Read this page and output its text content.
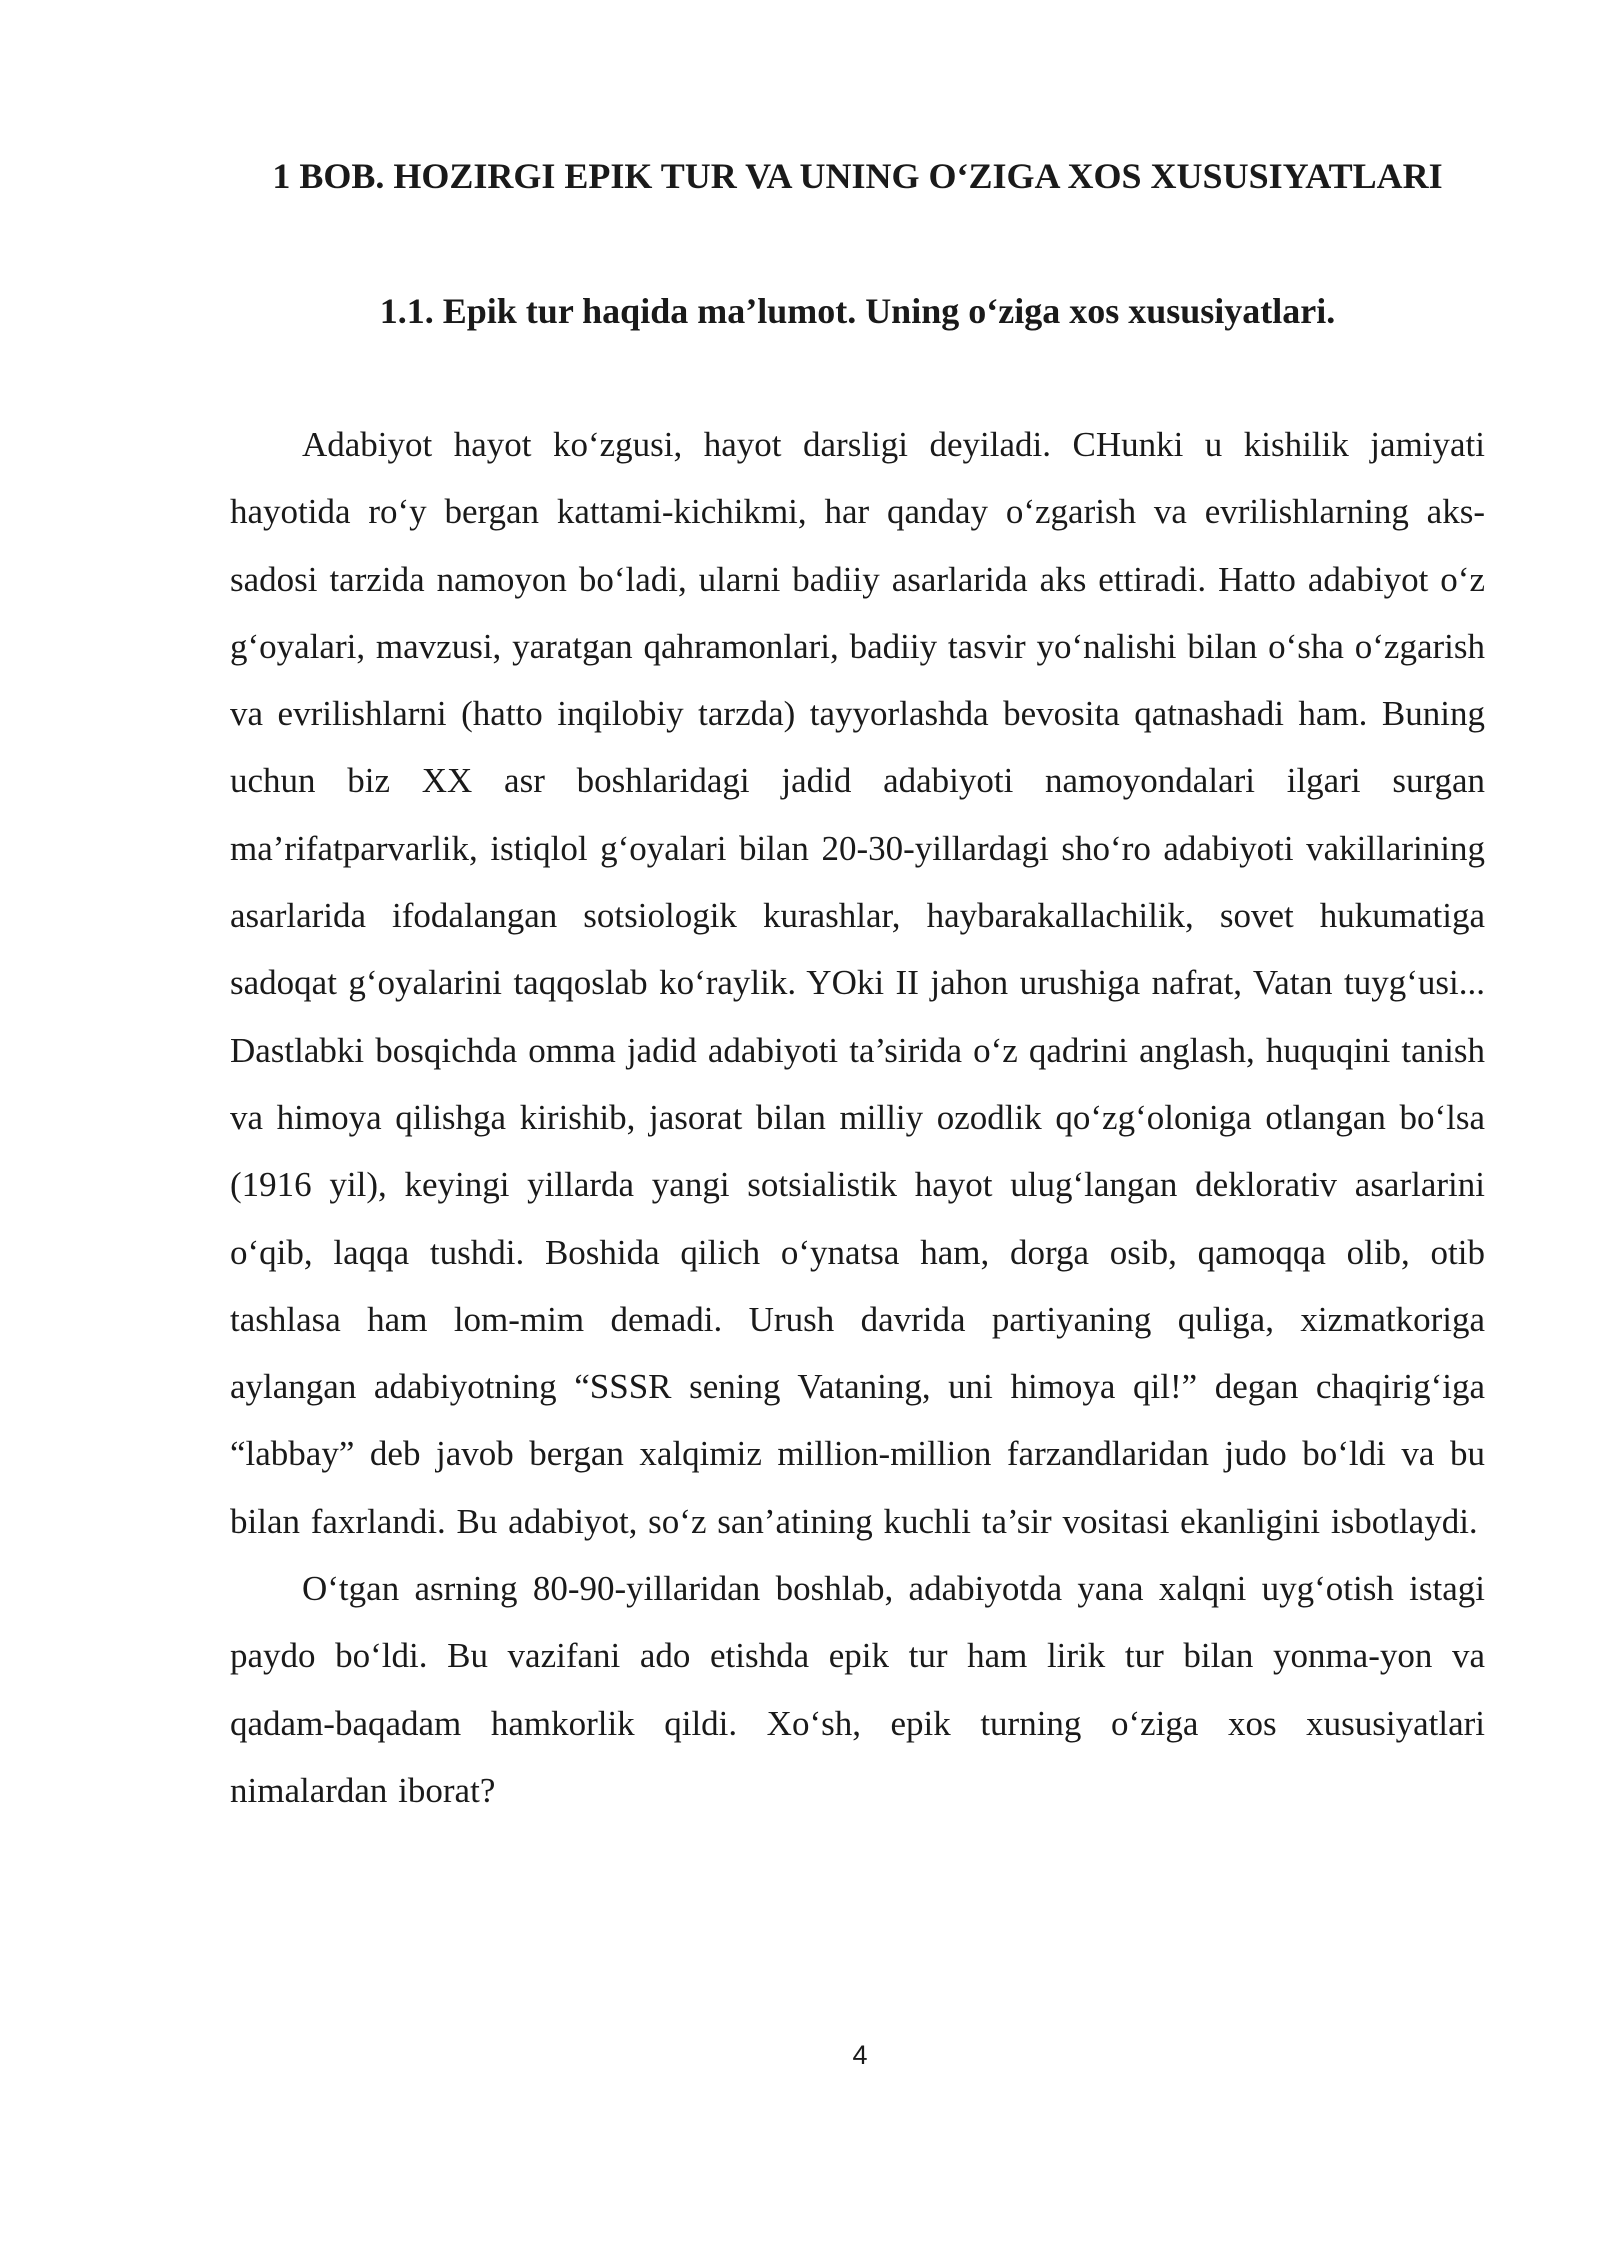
1 BOB. HOZIRGI EPIK TUR VA UNING O‘ZIGA XOS XUSUSIYATLARI
1.1. Epik tur haqida ma’lumot. Uning o‘ziga xos xususiyatlari.

Adabiyot hayot ko‘zgusi, hayot darsligi deyiladi. CHunki u kishilik jamiyati hayotida ro‘y bergan kattami-kichikmi, har qanday o‘zgarish va evrilishlarning aks-sadosi tarzida namoyon bo‘ladi, ularni badiiy asarlarida aks ettiradi. Hatto adabiyot o‘z g‘oyalari, mavzusi, yaratgan qahramonlari, badiiy tasvir yo‘nalishi bilan o‘sha o‘zgarish va evrilishlarni (hatto inqilobiy tarzda) tayyorlashda bevosita qatnashadi ham. Buning uchun biz XX asr boshlaridagi jadid adabiyoti namoyondalari ilgari surgan ma’rifatparvarlik, istiqlol g‘oyalari bilan 20-30-yillardagi sho‘ro adabiyoti vakillarining asarlarida ifodalangan sotsiologik kurashlar, haybarakallachilik, sovet hukumatiga sadoqat g‘oyalarini taqqoslab ko‘raylik. YOki II jahon urushiga nafrat, Vatan tuyg‘usi... Dastlabki bosqichda omma jadid adabiyoti ta’sirida o‘z qadrini anglash, huquqini tanish va himoya qilishga kirishib, jasorat bilan milliy ozodlik qo‘zg‘oloniga otlangan bo‘lsa (1916 yil), keyingi yillarda yangi sotsialistik hayot ulug‘langan deklorativ asarlarini o‘qib, laqqa tushdi. Boshida qilich o‘ynatsa ham, dorga osib, qamoqqa olib, otib tashlasa ham lom-mim demadi. Urush davrida partiyaning quliga, xizmatkoriga aylangan adabiyotning “SSSR sening Vataning, uni himoya qil!” degan chaqirig‘iga “labbay” deb javob bergan xalqimiz million-million farzandlaridan judo bo‘ldi va bu bilan faxrlandi. Bu adabiyot, so‘z san’atining kuchli ta’sir vositasi ekanligini isbotlaydi.

O‘tgan asrning 80-90-yillaridan boshlab, adabiyotda yana xalqni uyg‘otish istagi paydo bo‘ldi. Bu vazifani ado etishda epik tur ham lirik tur bilan yonma-yon va qadam-baqadam hamkorlik qildi. Xo‘sh, epik turning o‘ziga xos xususiyatlari nimalardan iborat?

4
